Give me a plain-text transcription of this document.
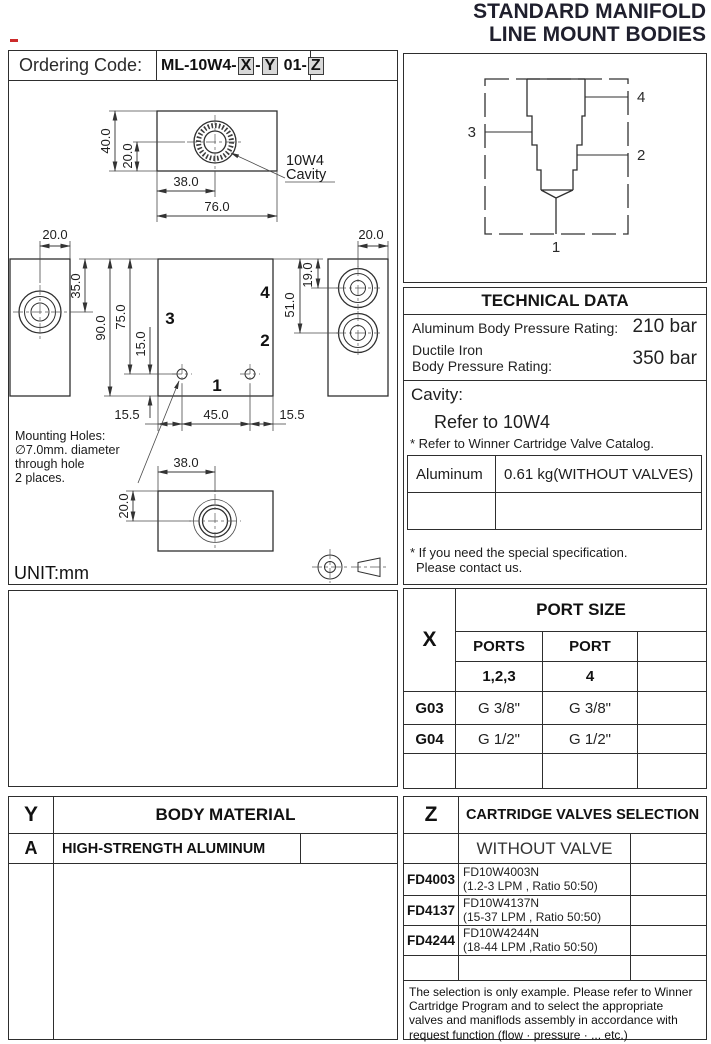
STANDARD MANIFOLD
LINE MOUNT BODIES
Ordering Code:	ML-10W4- X - Y 01- Z
40.0
20.0
38.0
76.0
10W4
Cavity
20.0
3
4
2
1
35.0
90.0 75.0
15.0
20.0
19.0
51.0
15.5	45.0	15.5
Mounting Holes:
∅7.0mm. diameter
through hole
2 places.
38.0
20.0
UNIT:mm
4
3
2
1
TECHNICAL DATA
Aluminum Body Pressure Rating: 210 bar
Ductile Iron
Body Pressure Rating:	350 bar
Cavity:
Refer to 10W4
* Refer to Winner Cartridge Valve Catalog.
Aluminum	0.61 kg(WITHOUT VALVES)
* If you need the special specification.
Please contact us.
X
PORT SIZE
PORTS	PORT
1,2,3	4
G03	G 3/8"	G 3/8"
G04	G 1/2"	G 1/2"
Y	BODY MATERIAL
A	HIGH-STRENGTH ALUMINUM
Z	CARTRIDGE VALVES SELECTION
WITHOUT VALVE
FD4003 FD10W4003N
(1.2-3 LPM , Ratio 50:50)
FD4137 FD10W4137N
(15-37 LPM , Ratio 50:50)
FD4244 FD10W4244N
(18-44 LPM ,Ratio 50:50)
The selection is only example. Please refer to Winner Cartridge Program and to select the appropriate valves and maniflods assembly in accordance with request function (flow · pressure · ... etc.)
